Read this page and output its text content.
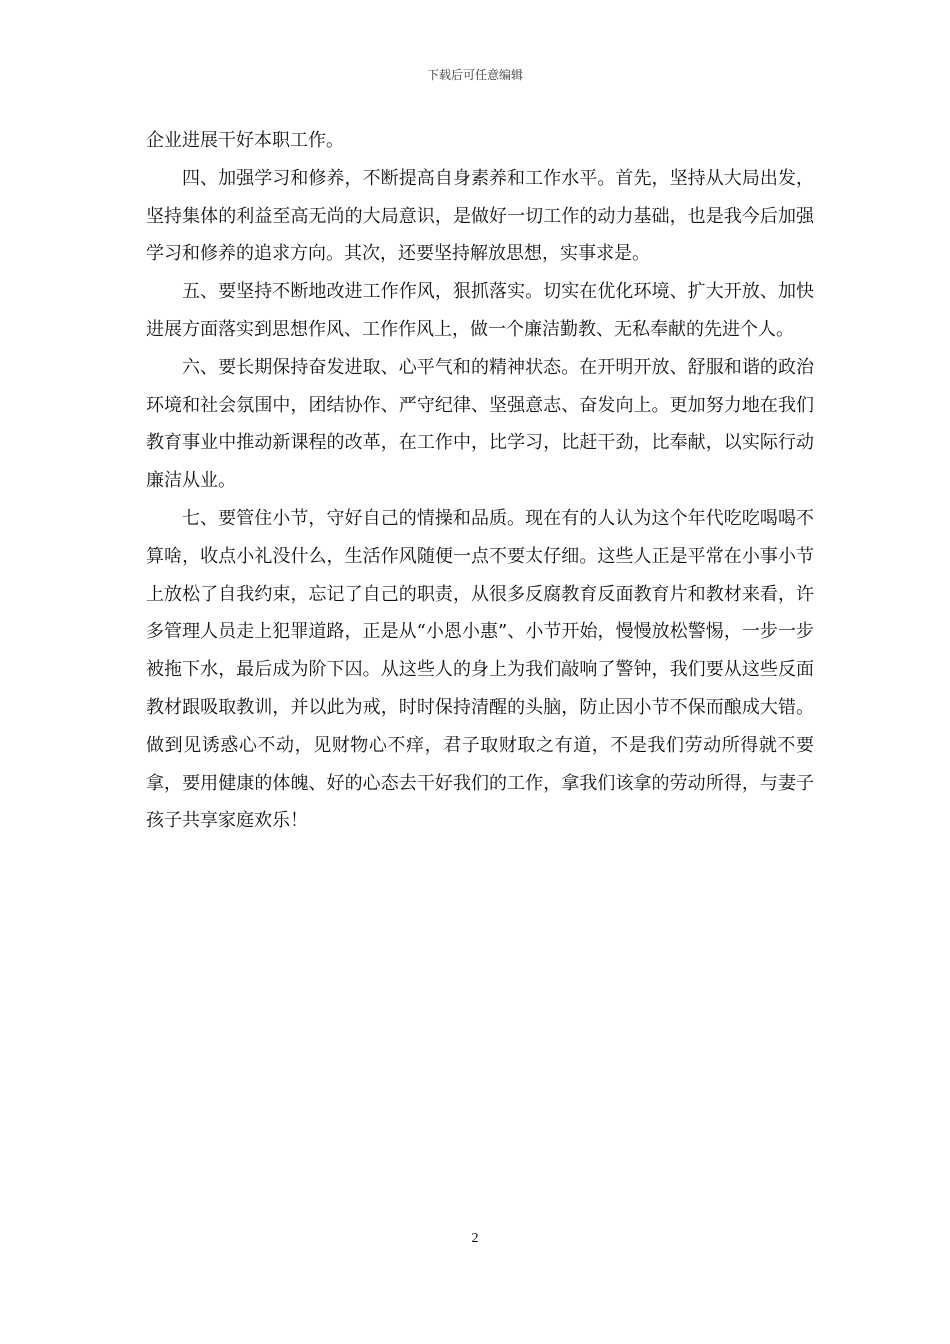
下载后可任意编辑

企业进展干好本职工作。

四、加强学习和修养，不断提高自身素养和工作水平。首先，坚持从大局出发，坚持集体的利益至高无尚的大局意识，是做好一切工作的动力基础，也是我今后加强学习和修养的追求方向。其次，还要坚持解放思想，实事求是。

五、要坚持不断地改进工作作风，狠抓落实。切实在优化环境、扩大开放、加快进展方面落实到思想作风、工作作风上，做一个廉洁勤教、无私奉献的先进个人。

六、要长期保持奋发进取、心平气和的精神状态。在开明开放、舒服和谐的政治环境和社会氛围中，团结协作、严守纪律、坚强意志、奋发向上。更加努力地在我们教育事业中推动新课程的改革，在工作中，比学习，比赶干劲，比奉献，以实际行动廉洁从业。

七、要管住小节，守好自己的情操和品质。现在有的人认为这个年代吃吃喝喝不算啥，收点小礼没什么，生活作风随便一点不要太仔细。这些人正是平常在小事小节上放松了自我约束，忘记了自己的职责，从很多反腐教育反面教育片和教材来看，许多管理人员走上犯罪道路，正是从“小恩小惠”、小节开始，慢慢放松警惕，一步一步被拖下水，最后成为阶下囚。从这些人的身上为我们敲响了警钟，我们要从这些反面教材跟吸取教训，并以此为戒，时时保持清醒的头脑，防止因小节不保而酿成大错。做到见诱惑心不动，见财物心不痒，君子取财取之有道，不是我们劳动所得就不要拿，要用健康的体魄、好的心态去干好我们的工作，拿我们该拿的劳动所得，与妻子孩子共享家庭欢乐！

2
